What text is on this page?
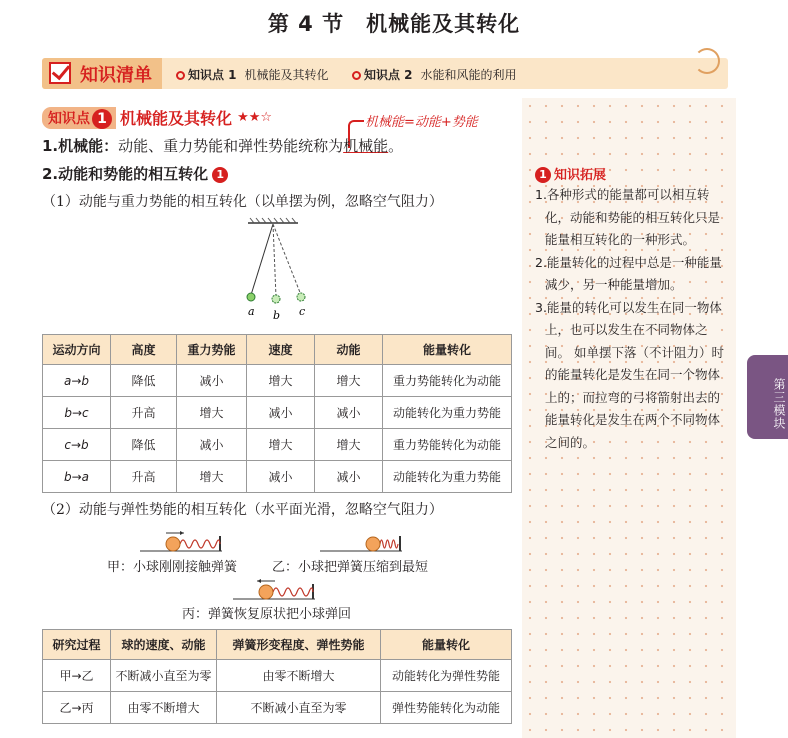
第 4 节　机械能及其转化
知识清单	知识点 1 机械能及其转化	知识点 2 水能和风能的利用
知识点 1 机械能及其转化 ★★☆	机械能=动能+势能
1.机械能：动能、重力势能和弹性势能统称为机械能。
2.动能和势能的相互转化 1
（1）动能与重力势能的相互转化（以单摆为例，忽略空气阻力）
a b c
运动方向	高度	重力势能	速度	动能	能量转化
a→b	降低	减小	增大	增大	重力势能转化为动能
b→c	升高	增大	减小	减小	动能转化为重力势能
c→b	降低	减小	增大	增大	重力势能转化为动能
b→a	升高	增大	减小	减小	动能转化为重力势能
（2）动能与弹性势能的相互转化（水平面光滑，忽略空气阻力）
甲：小球刚刚接触弹簧	乙：小球把弹簧压缩到最短
丙：弹簧恢复原状把小球弹回
研究过程	球的速度、动能	弹簧形变程度、弹性势能	能量转化
甲→乙	不断减小直至为零	由零不断增大	动能转化为弹性势能
乙→丙	由零不断增大	不断减小直至为零	弹性势能转化为动能
1 知识拓展
1.各种形式的能量都可以相互转化，动能和势能的相互转化只是能量相互转化的一种形式。
2.能量转化的过程中总是一种能量减少，另一种能量增加。
3.能量的转化可以发生在同一物体上，也可以发生在不同物体之间。 如单摆下落（不计阻力）时的能量转化是发生在同一个物体上的；而拉弯的弓将箭射出去的能量转化是发生在两个不同物体之间的。
第三模块
